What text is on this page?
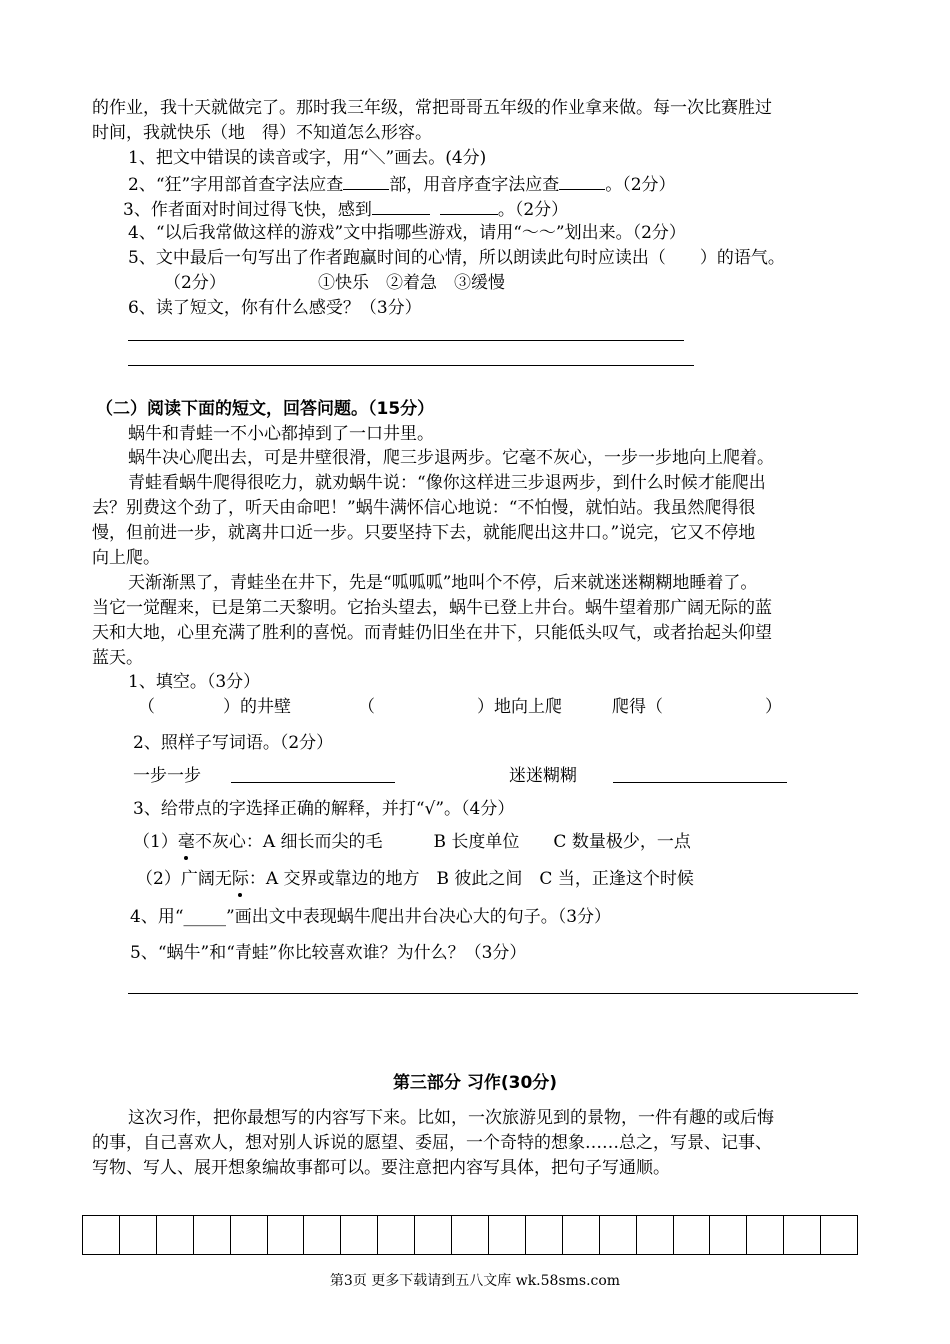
的作业，我十天就做完了。那时我三年级，常把哥哥五年级的作业拿来做。每一次比赛胜过
时间，我就快乐（地　得）不知道怎么形容。
1、把文中错误的读音或字，用“＼”画去。(4分)
2、“狂”字用部首查字法应查	部，用音序查字法应查	。（2分）
3、作者面对时间过得飞快，感到	。（2分）
4、“以后我常做这样的游戏”文中指哪些游戏，请用“～～”划出来。（2分）
5、文中最后一句写出了作者跑赢时间的心情，所以朗读此句时应读出（　　）的语气。
（2分）	①快乐　②着急　③缓慢
6、读了短文，你有什么感受？（3分）
（二）阅读下面的短文，回答问题。（15分）
蜗牛和青蛙一不小心都掉到了一口井里。
蜗牛决心爬出去，可是井壁很滑，爬三步退两步。它毫不灰心，一步一步地向上爬着。
青蛙看蜗牛爬得很吃力，就劝蜗牛说：“像你这样进三步退两步，到什么时候才能爬出
去？别费这个劲了，听天由命吧！”蜗牛满怀信心地说：“不怕慢，就怕站。我虽然爬得很
慢，但前进一步，就离井口近一步。只要坚持下去，就能爬出这井口。”说完，它又不停地
向上爬。
天渐渐黑了，青蛙坐在井下，先是“呱呱呱”地叫个不停，后来就迷迷糊糊地睡着了。
当它一觉醒来，已是第二天黎明。它抬头望去，蜗牛已登上井台。蜗牛望着那广阔无际的蓝
天和大地，心里充满了胜利的喜悦。而青蛙仍旧坐在井下，只能低头叹气，或者抬起头仰望
蓝天。
1、填空。（3分）
（　　　　）的井壁	（　　　　　　）地向上爬	爬得（　　　　　　）
2、照样子写词语。（2分）
一步一步	迷迷糊糊
3、给带点的字选择正确的解释，并打“√”。（4分）
（1）毫不灰心：A 细长而尖的毛　　　B 长度单位　　C 数量极少，一点
（2）广阔无际：A 交界或靠边的地方　B 彼此之间　C 当，正逢这个时候
4、用“_____”画出文中表现蜗牛爬出井台决心大的句子。（3分）
5、“蜗牛”和“青蛙”你比较喜欢谁？为什么？（3分）
第三部分 习作(30分)
这次习作，把你最想写的内容写下来。比如，一次旅游见到的景物，一件有趣的或后悔
的事，自己喜欢人，想对别人诉说的愿望、委屈，一个奇特的想象……总之，写景、记事、
写物、写人、展开想象编故事都可以。要注意把内容写具体，把句子写通顺。
第3页 更多下载请到五八文库 wk.58sms.com
